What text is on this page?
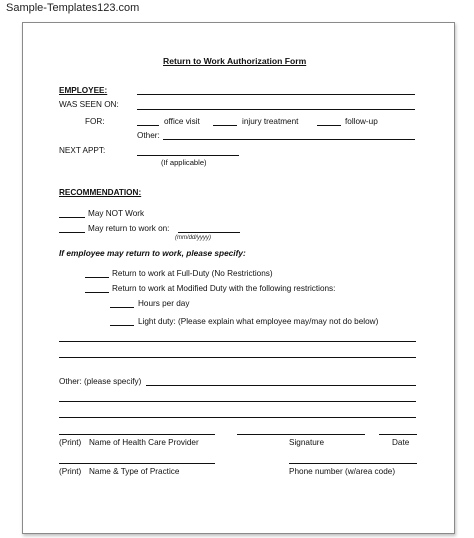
Sample-Templates123.com
Return to Work Authorization Form
EMPLOYEE:
WAS SEEN ON:
FOR:	office visit	injury treatment	follow-up
Other:
NEXT APPT:
(If applicable)
RECOMMENDATION:
May NOT Work
May return to work on:
(mm/dd/yyyy)
If employee may return to work, please specify:
Return to work at Full-Duty (No Restrictions)
Return to work at Modified Duty with the following restrictions:
Hours per day
Light duty: (Please explain what employee may/may not do below)
Other: (please specify)
(Print) Name of Health Care Provider	Signature	Date
(Print) Name & Type of Practice	Phone number (w/area code)
